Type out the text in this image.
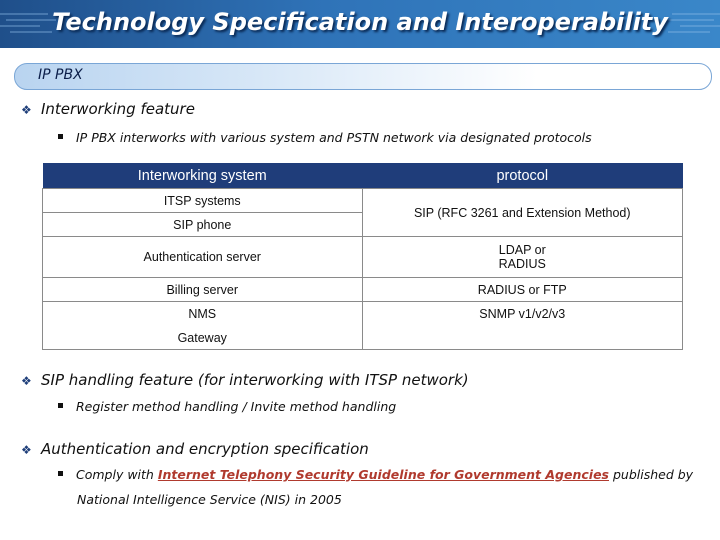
Technology Specification and Interoperability
IP PBX
❖ Interworking feature
IP PBX interworks with various system and PSTN network via designated protocols
Interworking system	protocol
ITSP systems	SIP (RFC 3261 and Extension Method)
SIP phone	
Authentication server	LDAP or
RADIUS

Billing server	RADIUS or FTP
NMS	SNMP v1/v2/v3
Gateway	
❖ SIP handling feature (for interworking with ITSP network)
Register method handling / Invite method handling
❖ Authentication and encryption specification
Comply with Internet Telephony Security Guideline for Government Agencies published by
National Intelligence Service (NIS) in 2005
